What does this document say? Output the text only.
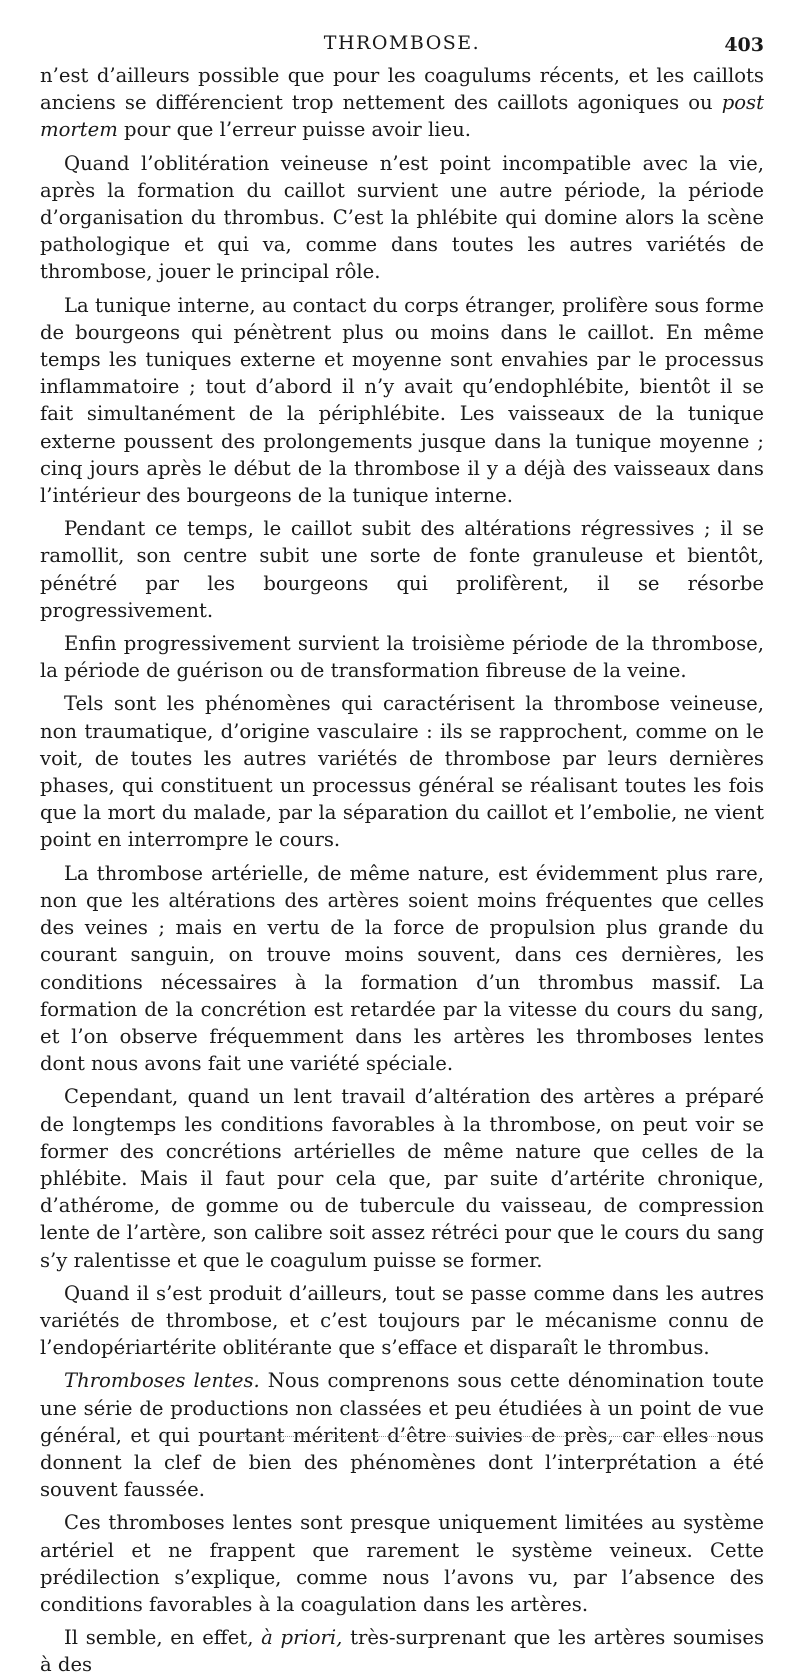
THROMBOSE.	403

n’est d’ailleurs possible que pour les coagulums récents, et les caillots anciens se différencient trop nettement des caillots agoniques ou post mortem pour que l’erreur puisse avoir lieu.

Quand l’oblitération veineuse n’est point incompatible avec la vie, après la formation du caillot survient une autre période, la période d’organisation du thrombus. C’est la phlébite qui domine alors la scène pathologique et qui va, comme dans toutes les autres variétés de thrombose, jouer le principal rôle.

La tunique interne, au contact du corps étranger, prolifère sous forme de bourgeons qui pénètrent plus ou moins dans le caillot. En même temps les tuniques externe et moyenne sont envahies par le processus inflammatoire ; tout d’abord il n’y avait qu’endophlébite, bientôt il se fait simultanément de la périphlébite. Les vaisseaux de la tunique externe poussent des prolongements jusque dans la tunique moyenne ; cinq jours après le début de la thrombose il y a déjà des vaisseaux dans l’intérieur des bourgeons de la tunique interne.

Pendant ce temps, le caillot subit des altérations régressives ; il se ramollit, son centre subit une sorte de fonte granuleuse et bientôt, pénétré par les bourgeons qui prolifèrent, il se résorbe progressivement.

Enfin progressivement survient la troisième période de la thrombose, la période de guérison ou de transformation fibreuse de la veine.

Tels sont les phénomènes qui caractérisent la thrombose veineuse, non traumatique, d’origine vasculaire : ils se rapprochent, comme on le voit, de toutes les autres variétés de thrombose par leurs dernières phases, qui constituent un processus général se réalisant toutes les fois que la mort du malade, par la séparation du caillot et l’embolie, ne vient point en interrompre le cours.

La thrombose artérielle, de même nature, est évidemment plus rare, non que les altérations des artères soient moins fréquentes que celles des veines ; mais en vertu de la force de propulsion plus grande du courant sanguin, on trouve moins souvent, dans ces dernières, les conditions nécessaires à la formation d’un thrombus massif. La formation de la concrétion est retardée par la vitesse du cours du sang, et l’on observe fréquemment dans les artères les thromboses lentes dont nous avons fait une variété spéciale.

Cependant, quand un lent travail d’altération des artères a préparé de longtemps les conditions favorables à la thrombose, on peut voir se former des concrétions artérielles de même nature que celles de la phlébite. Mais il faut pour cela que, par suite d’artérite chronique, d’athérome, de gomme ou de tubercule du vaisseau, de compression lente de l’artère, son calibre soit assez rétréci pour que le cours du sang s’y ralentisse et que le coagulum puisse se former.

Quand il s’est produit d’ailleurs, tout se passe comme dans les autres variétés de thrombose, et c’est toujours par le mécanisme connu de l’endopériartérite oblitérante que s’efface et disparaît le thrombus.

Thromboses lentes. Nous comprenons sous cette dénomination toute une série de productions non classées et peu étudiées à un point de vue général, et qui pourtant méritent d’être suivies de près, car elles nous donnent la clef de bien des phénomènes dont l’interprétation a été souvent faussée.

Ces thromboses lentes sont presque uniquement limitées au système artériel et ne frappent que rarement le système veineux. Cette prédilection s’explique, comme nous l’avons vu, par l’absence des conditions favorables à la coagulation dans les artères.

Il semble, en effet, à priori, très-surprenant que les artères soumises à des
